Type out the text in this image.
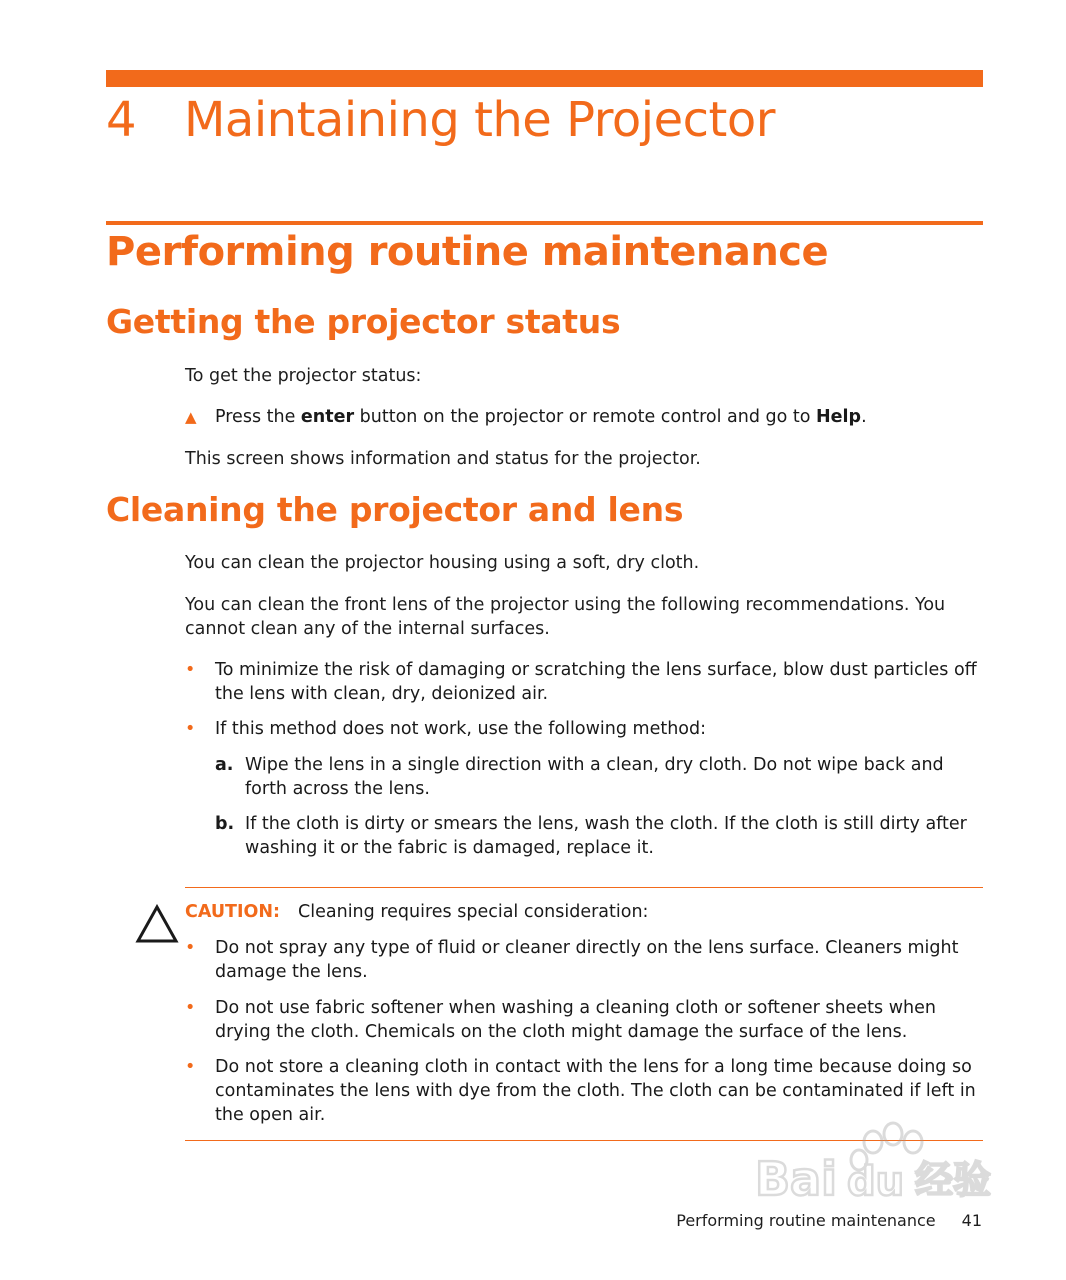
4 Maintaining the Projector
Performing routine maintenance
Getting the projector status

To get the projector status:

▲ Press the enter button on the projector or remote control and go to Help.

This screen shows information and status for the projector.

Cleaning the projector and lens

You can clean the projector housing using a soft, dry cloth.

You can clean the front lens of the projector using the following recommendations. You cannot clean any of the internal surfaces.

• To minimize the risk of damaging or scratching the lens surface, blow dust particles off the lens with clean, dry, deionized air.
• If this method does not work, use the following method:
a. Wipe the lens in a single direction with a clean, dry cloth. Do not wipe back and forth across the lens.
b. If the cloth is dirty or smears the lens, wash the cloth. If the cloth is still dirty after washing it or the fabric is damaged, replace it.
CAUTION: Cleaning requires special consideration:
• Do not spray any type of fluid or cleaner directly on the lens surface. Cleaners might damage the lens.
• Do not use fabric softener when washing a cleaning cloth or softener sheets when drying the cloth. Chemicals on the cloth might damage the surface of the lens.
• Do not store a cleaning cloth in contact with the lens for a long time because doing so contaminates the lens with dye from the cloth. The cloth can be contaminated if left in the open air.
Bai du 经验
Performing routine maintenance 41
